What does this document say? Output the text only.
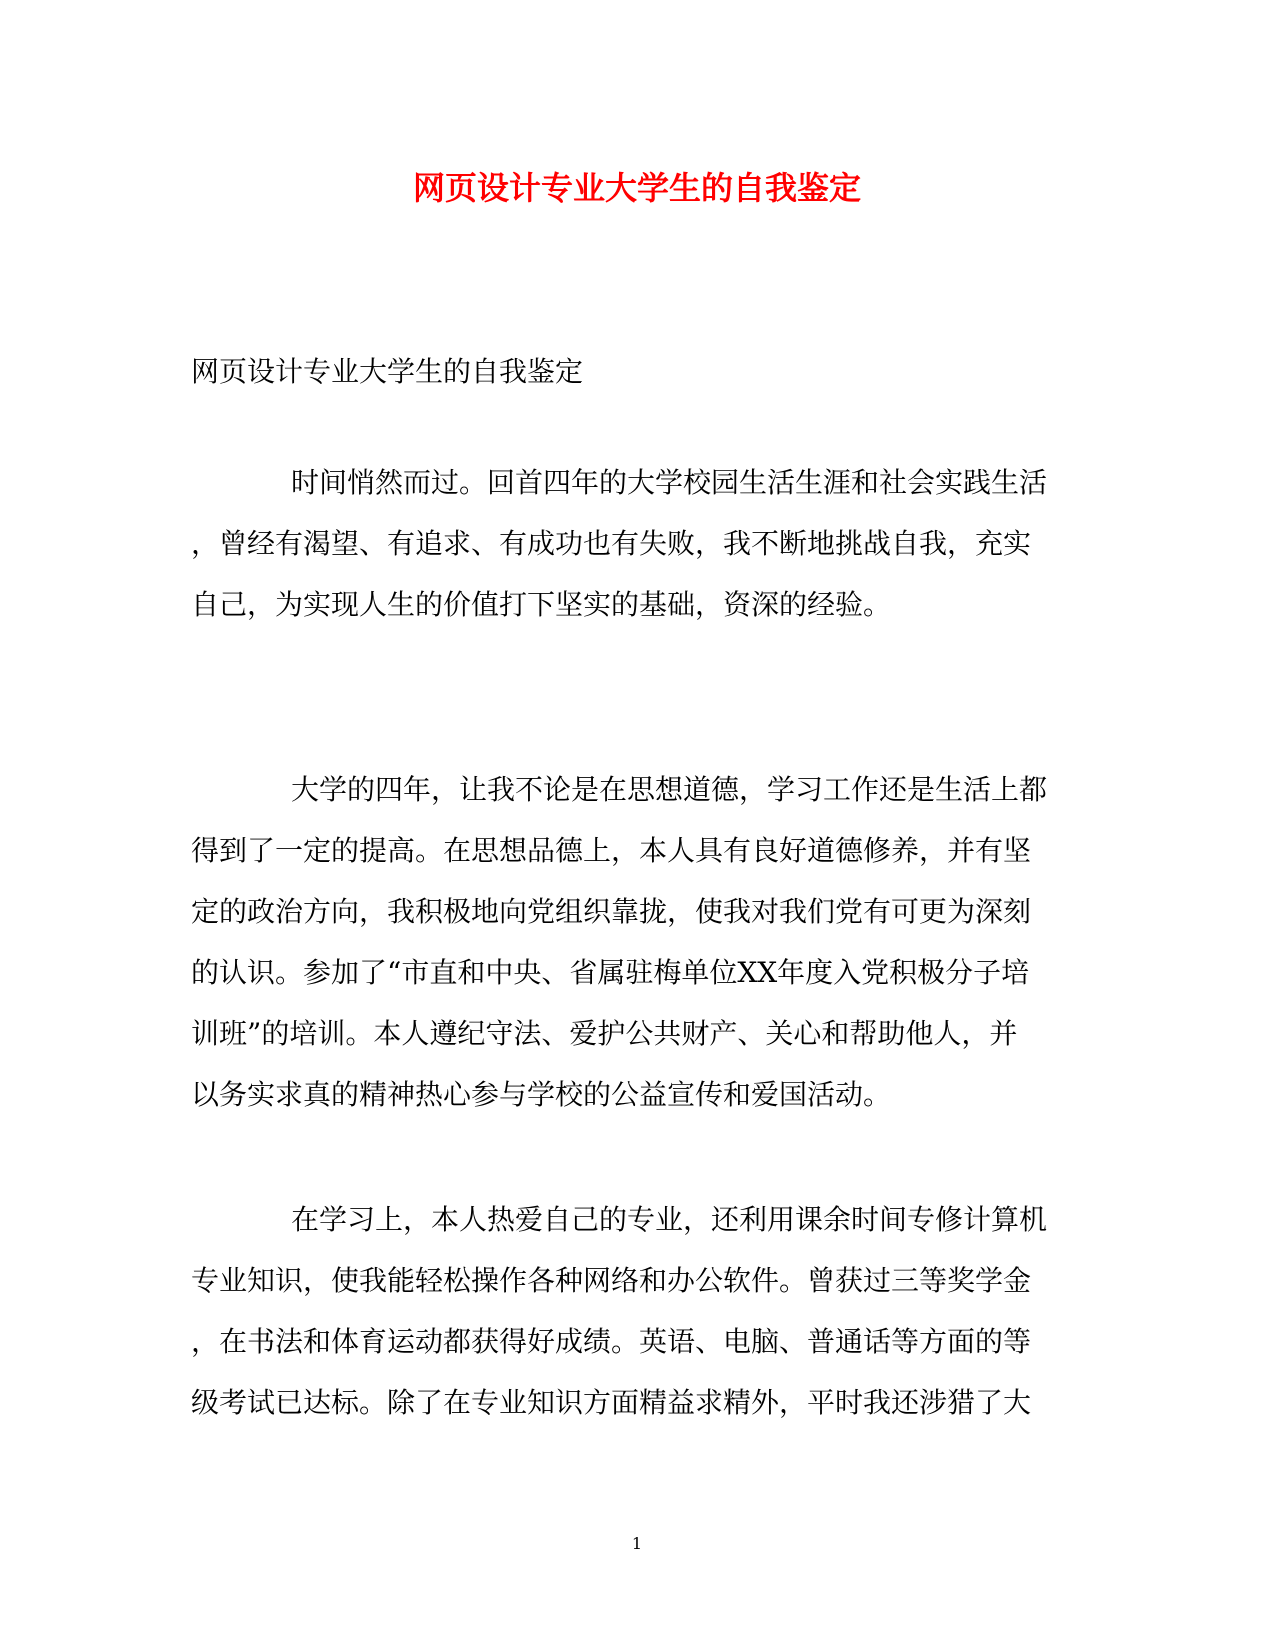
网页设计专业大学生的自我鉴定
网页设计专业大学生的自我鉴定
时间悄然而过。回首四年的大学校园生活生涯和社会实践生活
，曾经有渴望、有追求、有成功也有失败，我不断地挑战自我，充实
自己，为实现人生的价值打下坚实的基础，资深的经验。
大学的四年，让我不论是在思想道德，学习工作还是生活上都
得到了一定的提高。在思想品德上，本人具有良好道德修养，并有坚
定的政治方向，我积极地向党组织靠拢，使我对我们党有可更为深刻
的认识。参加了“市直和中央、省属驻梅单位XX年度入党积极分子培
训班”的培训。本人遵纪守法、爱护公共财产、关心和帮助他人，并
以务实求真的精神热心参与学校的公益宣传和爱国活动。
在学习上，本人热爱自己的专业，还利用课余时间专修计算机
专业知识，使我能轻松操作各种网络和办公软件。曾获过三等奖学金
，在书法和体育运动都获得好成绩。英语、电脑、普通话等方面的等
级考试已达标。除了在专业知识方面精益求精外，平时我还涉猎了大
1
